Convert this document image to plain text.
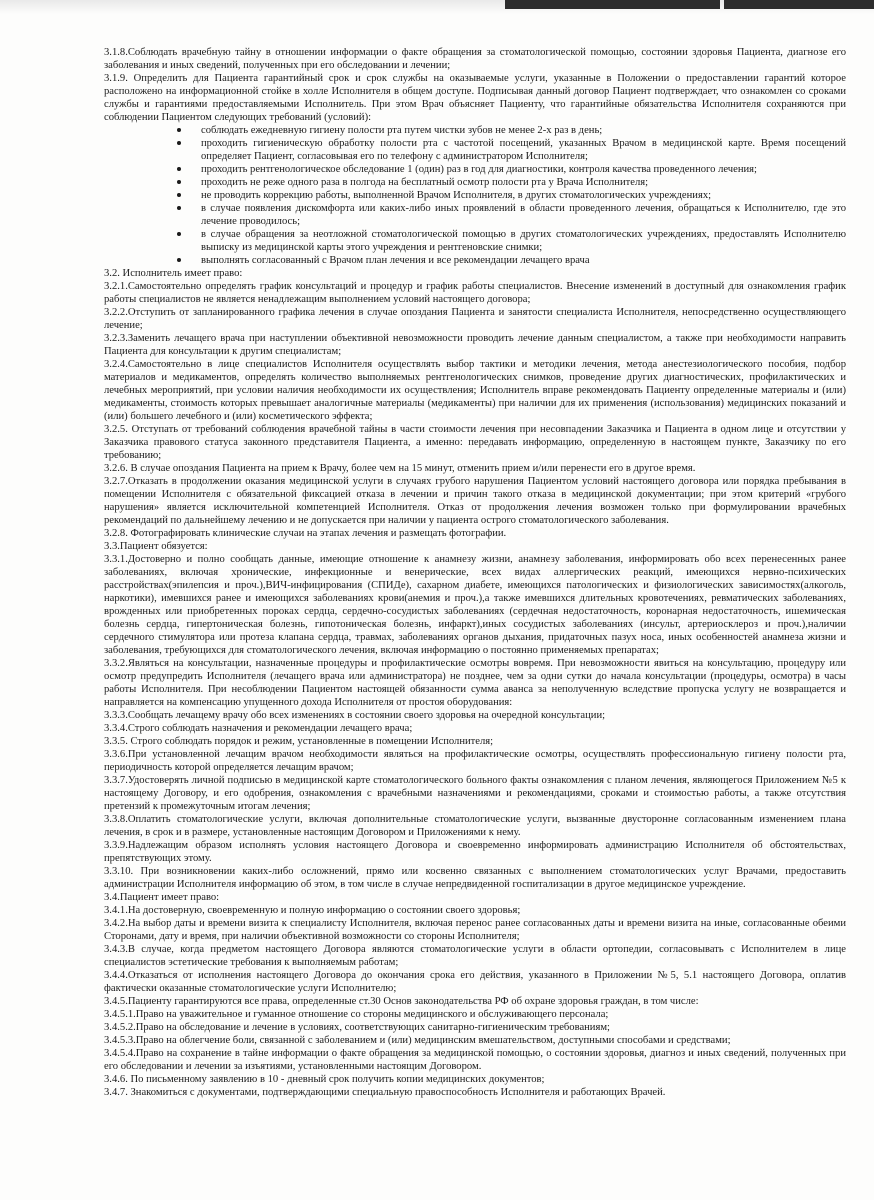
3.1.8.Соблюдать врачебную тайну в отношении информации о факте обращения за стоматологической помощью, состоянии здоровья Пациента, диагнозе его заболевания и иных сведений, полученных при его обследовании и лечении;

3.1.9. Определить для Пациента гарантийный срок и срок службы на оказываемые услуги, указанные в Положении о предоставлении гарантий которое расположено на информационной стойке в холле Исполнителя в общем доступе. Подписывая данный договор Пациент подтверждает, что ознакомлен со сроками службы и гарантиями предоставляемыми Исполнитель. При этом Врач объясняет Пациенту, что гарантийные обязательства Исполнителя сохраняются при соблюдении Пациентом следующих требований (условий):

соблюдать ежедневную гигиену полости рта путем чистки зубов не менее 2-х раз в день;
проходить гигиеническую обработку полости рта с частотой посещений, указанных Врачом в медицинской карте. Время посещений определяет Пациент, согласовывая его по телефону с администратором Исполнителя;
проходить рентгенологическое обследование 1 (один) раз в год для диагностики, контроля качества проведенного лечения;
проходить не реже одного раза в полгода на бесплатный осмотр полости рта у Врача Исполнителя;
не проводить коррекцию работы, выполненной Врачом Исполнителя, в других стоматологических учреждениях;
в случае появления дискомфорта или каких-либо иных проявлений в области проведенного лечения, обращаться к Исполнителю, где это лечение проводилось;
в случае обращения за неотложной стоматологической помощью в других стоматологических учреждениях, предоставлять Исполнителю выписку из медицинской карты этого учреждения и рентгеновские снимки;
выполнять согласованный с Врачом план лечения и все рекомендации лечащего врача

3.2. Исполнитель имеет право:

3.2.1.Самостоятельно определять график консультаций и процедур и график работы специалистов. Внесение изменений в доступный для ознакомления график работы специалистов не является ненадлежащим выполнением условий настоящего договора;

3.2.2.Отступить от запланированного графика лечения в случае опоздания Пациента и занятости специалиста Исполнителя, непосредственно осуществляющего лечение;

3.2.3.Заменить лечащего врача при наступлении объективной невозможности проводить лечение данным специалистом, а также при необходимости направить Пациента для консультации к другим специалистам;

3.2.4.Самостоятельно в лице специалистов Исполнителя осуществлять выбор тактики и методики лечения, метода анестезиологического пособия, подбор материалов и медикаментов, определять количество выполняемых рентгенологических снимков, проведение других диагностических, профилактических и лечебных мероприятий, при условии наличия необходимости их осуществления; Исполнитель вправе рекомендовать Пациенту определенные материалы и (или) медикаменты, стоимость которых превышает аналогичные материалы (медикаменты) при наличии для их применения (использования) медицинских показаний и (или) большего лечебного и (или) косметического эффекта;

3.2.5. Отступать от требований соблюдения врачебной тайны в части стоимости лечения при несовпадении Заказчика и Пациента в одном лице и отсутствии у Заказчика правового статуса законного представителя Пациента, а именно: передавать информацию, определенную в настоящем пункте, Заказчику по его требованию;

3.2.6. В случае опоздания Пациента на прием к Врачу, более чем на 15 минут, отменить прием и/или перенести его в другое время.

3.2.7.Отказать в продолжении оказания медицинской услуги в случаях грубого нарушения Пациентом условий настоящего договора или порядка пребывания в помещении Исполнителя с обязательной фиксацией отказа в лечении и причин такого отказа в медицинской документации; при этом критерий «грубого нарушения» является исключительной компетенцией Исполнителя. Отказ от продолжения лечения возможен только при формулировании врачебных рекомендаций по дальнейшему лечению и не допускается при наличии у пациента острого стоматологического заболевания.

3.2.8. Фотографировать клинические случаи на этапах лечения и размещать фотографии.

3.3.Пациент обязуется:

3.3.1.Достоверно и полно сообщать данные, имеющие отношение к анамнезу жизни, анамнезу заболевания, информировать обо всех перенесенных ранее заболеваниях, включая хронические, инфекционные и венерические, всех видах аллергических реакций, имеющихся нервно-психических расстройствах(эпилепсия и проч.),ВИЧ-инфицирования (СПИДе), сахарном диабете, имеющихся патологических и физиологических зависимостях(алкоголь, наркотики), имевшихся ранее и имеющихся заболеваниях крови(анемия и проч.),а также имевшихся длительных кровотечениях, ревматических заболеваниях, врожденных или приобретенных пороках сердца, сердечно-сосудистых заболеваниях (сердечная недостаточность, коронарная недостаточность, ишемическая болезнь сердца, гипертоническая болезнь, гипотоническая болезнь, инфаркт),иных сосудистых заболеваниях (инсульт, артериосклероз и проч.),наличии сердечного стимулятора или протеза клапана сердца, травмах, заболеваниях органов дыхания, придаточных пазух носа, иных особенностей анамнеза жизни и заболевания, требующихся для стоматологического лечения, включая информацию о постоянно применяемых препаратах;

3.3.2.Являться на консультации, назначенные процедуры и профилактические осмотры вовремя. При невозможности явиться на консультацию, процедуру или осмотр предупредить Исполнителя (лечащего врача или администратора) не позднее, чем за одни сутки до начала консультации (процедуры, осмотра) в часы работы Исполнителя. При несоблюдении Пациентом настоящей обязанности сумма аванса за неполученную вследствие пропуска услугу не возвращается и направляется на компенсацию упущенного дохода Исполнителя от простоя оборудования:

3.3.3.Сообщать лечащему врачу обо всех изменениях в состоянии своего здоровья на очередной консультации;

3.3.4.Строго соблюдать назначения и рекомендации лечащего врача;

3.3.5. Строго соблюдать порядок и режим, установленные в помещении Исполнителя;

3.3.6.При установленной лечащим врачом необходимости являться на профилактические осмотры, осуществлять профессиональную гигиену полости рта, периодичность которой определяется лечащим врачом;

3.3.7.Удостоверять личной подписью в медицинской карте стоматологического больного факты ознакомления с планом лечения, являющегося Приложением №5 к настоящему Договору, и его одобрения, ознакомления с врачебными назначениями и рекомендациями, сроками и стоимостью работы, а также отсутствия претензий к промежуточным итогам лечения;

3.3.8.Оплатить стоматологические услуги, включая дополнительные стоматологические услуги, вызванные двусторонне согласованным изменением плана лечения, в срок и в размере, установленные настоящим Договором и Приложениями к нему.

3.3.9.Надлежащим образом исполнять условия настоящего Договора и своевременно информировать администрацию Исполнителя об обстоятельствах, препятствующих этому.

3.3.10. При возникновении каких-либо осложнений, прямо или косвенно связанных с выполнением стоматологических услуг Врачами, предоставить администрации Исполнителя информацию об этом, в том числе в случае непредвиденной госпитализации в другое медицинское учреждение.

3.4.Пациент имеет право:

3.4.1.На достоверную, своевременную и полную информацию о состоянии своего здоровья;

3.4.2.На выбор даты и времени визита к специалисту Исполнителя, включая перенос ранее согласованных даты и времени визита на иные, согласованные обеими Сторонами, дату и время, при наличии объективной возможности со стороны Исполнителя;

3.4.3.В случае, когда предметом настоящего Договора являются стоматологические услуги в области ортопедии, согласовывать с Исполнителем в лице специалистов эстетические требования к выполняемым работам;

3.4.4.Отказаться от исполнения настоящего Договора до окончания срока его действия, указанного в Приложении №5, 5.1 настоящего Договора, оплатив фактически оказанные стоматологические услуги Исполнителю;

3.4.5.Пациенту гарантируются все права, определенные ст.30 Основ законодательства РФ об охране здоровья граждан, в том числе:

3.4.5.1.Право на уважительное и гуманное отношение со стороны медицинского и обслуживающего персонала;

3.4.5.2.Право на обследование и лечение в условиях, соответствующих санитарно-гигиеническим требованиям;

3.4.5.3.Право на облегчение боли, связанной с заболеванием и (или) медицинским вмешательством, доступными способами и средствами;

3.4.5.4.Право на сохранение в тайне информации о факте обращения за медицинской помощью, о состоянии здоровья, диагноз и иных сведений, полученных при его обследовании и лечении за изъятиями, установленными настоящим Договором.

3.4.6. По письменному заявлению в 10 - дневный срок получить копии медицинских документов;

3.4.7. Знакомиться с документами, подтверждающими специальную правоспособность Исполнителя и работающих Врачей.
